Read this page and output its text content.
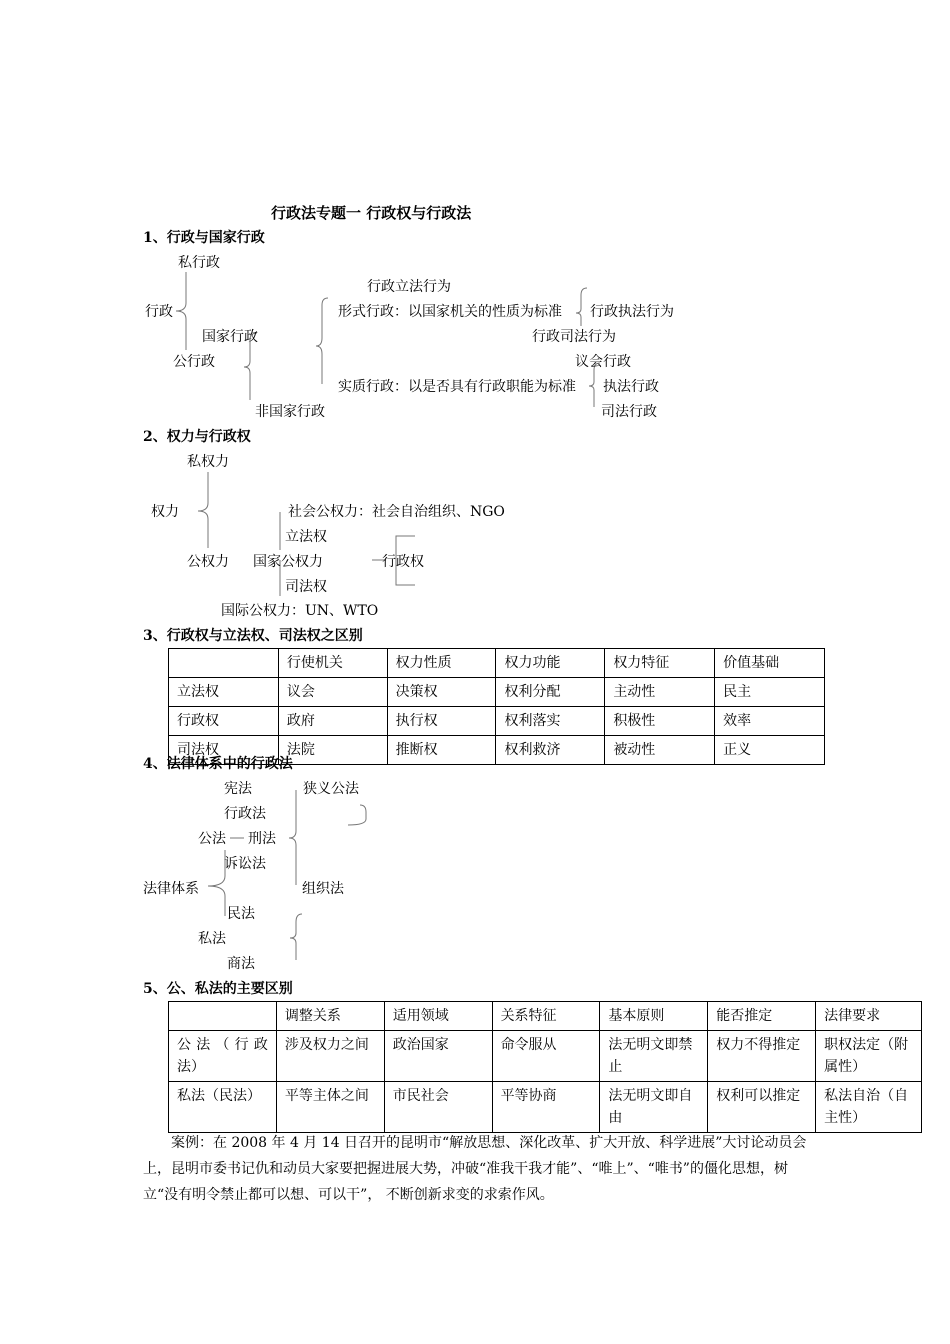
行政法专题一 行政权与行政法
1、行政与国家行政
私行政
行政
行政立法行为
形式行政：以国家机关的性质为标准 行政执法行为
国家行政	行政司法行为
公行政	议会行政
实质行政：以是否具有行政职能为标准 执法行政
非国家行政	司法行政
2、权力与行政权
私权力
权力	社会公权力：社会自治组织、NGO
立法权
公权力 国家公权力	行政权
司法权
国际公权力：UN、WTO
3、行政权与立法权、司法权之区别
	行使机关	权力性质	权力功能	权力特征	价值基础
立法权	议会	决策权	权利分配	主动性	民主
行政权	政府	执行权	权利落实	积极性	效率
司法权	法院	推断权	权利救济	被动性	正义
4、法律体系中的行政法
宪法	狭义公法
行政法
公法 刑法
诉讼法
法律体系	组织法
民法
私法
商法
5、公、私法的主要区别
	调整关系	适用领域	关系特征	基本原则	能否推定	法律要求
公法（行政法）	涉及权力之间	政治国家	命令服从	法无明文即禁止	权力不得推定	职权法定（附属性）
私法（民法）	平等主体之间	市民社会	平等协商	法无明文即自由	权利可以推定	私法自治（自主性）
案例：在 2008 年 4 月 14 日召开的昆明市“解放思想、深化改革、扩大开放、科学进展”大讨论动员会上，昆明市委书记仇和动员大家要把握进展大势，冲破“准我干我才能”、“唯上”、“唯书”的僵化思想，树立“没有明令禁止都可以想、可以干”， 不断创新求变的求索作风。
